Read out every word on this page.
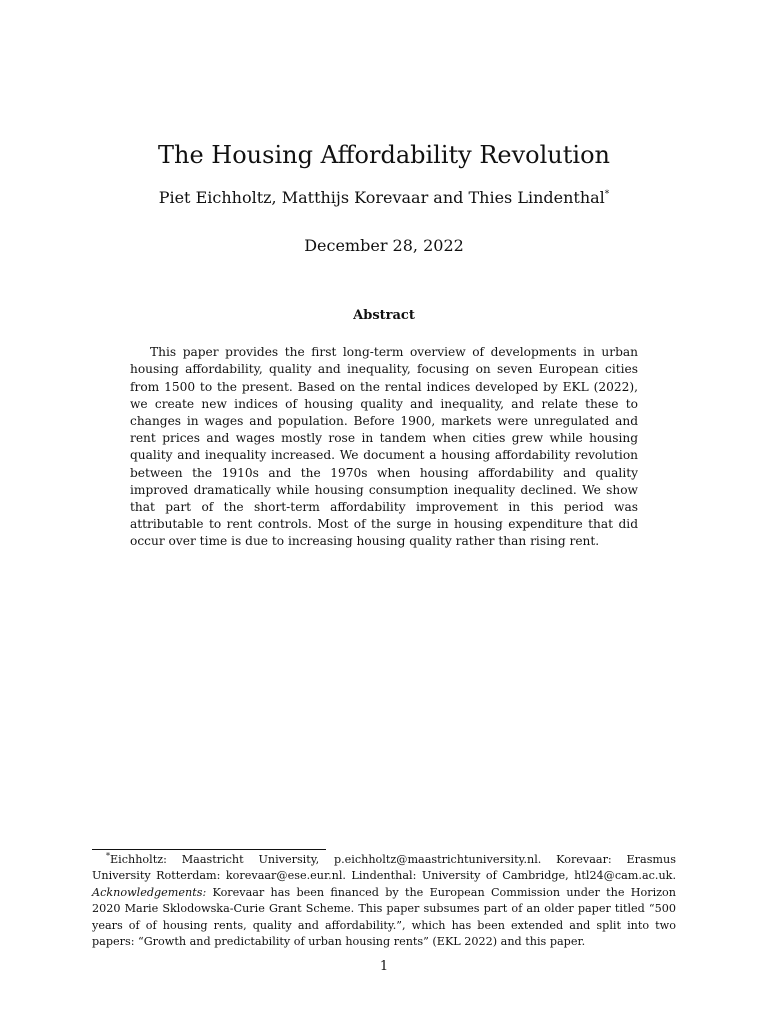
The Housing Affordability Revolution
Piet Eichholtz, Matthijs Korevaar and Thies Lindenthal*
December 28, 2022
Abstract

This paper provides the first long-term overview of developments in urban housing affordability, quality and inequality, focusing on seven European cities from 1500 to the present. Based on the rental indices developed by EKL (2022), we create new indices of housing quality and inequality, and relate these to changes in wages and population. Before 1900, markets were unregulated and rent prices and wages mostly rose in tandem when cities grew while housing quality and inequality increased. We document a housing affordability revolution between the 1910s and the 1970s when housing affordability and quality improved dramatically while housing consumption inequality declined. We show that part of the short-term affordability improvement in this period was attributable to rent controls. Most of the surge in housing expenditure that did occur over time is due to increasing housing quality rather than rising rent.

*Eichholtz: Maastricht University, p.eichholtz@maastrichtuniversity.nl. Korevaar: Erasmus University Rotterdam: korevaar@ese.eur.nl. Lindenthal: University of Cambridge, htl24@cam.ac.uk. Acknowledgements: Korevaar has been financed by the European Commission under the Horizon 2020 Marie Sklodowska-Curie Grant Scheme. This paper subsumes part of an older paper titled “500 years of of housing rents, quality and affordability.”, which has been extended and split into two papers: “Growth and predictability of urban housing rents” (EKL 2022) and this paper.
1
